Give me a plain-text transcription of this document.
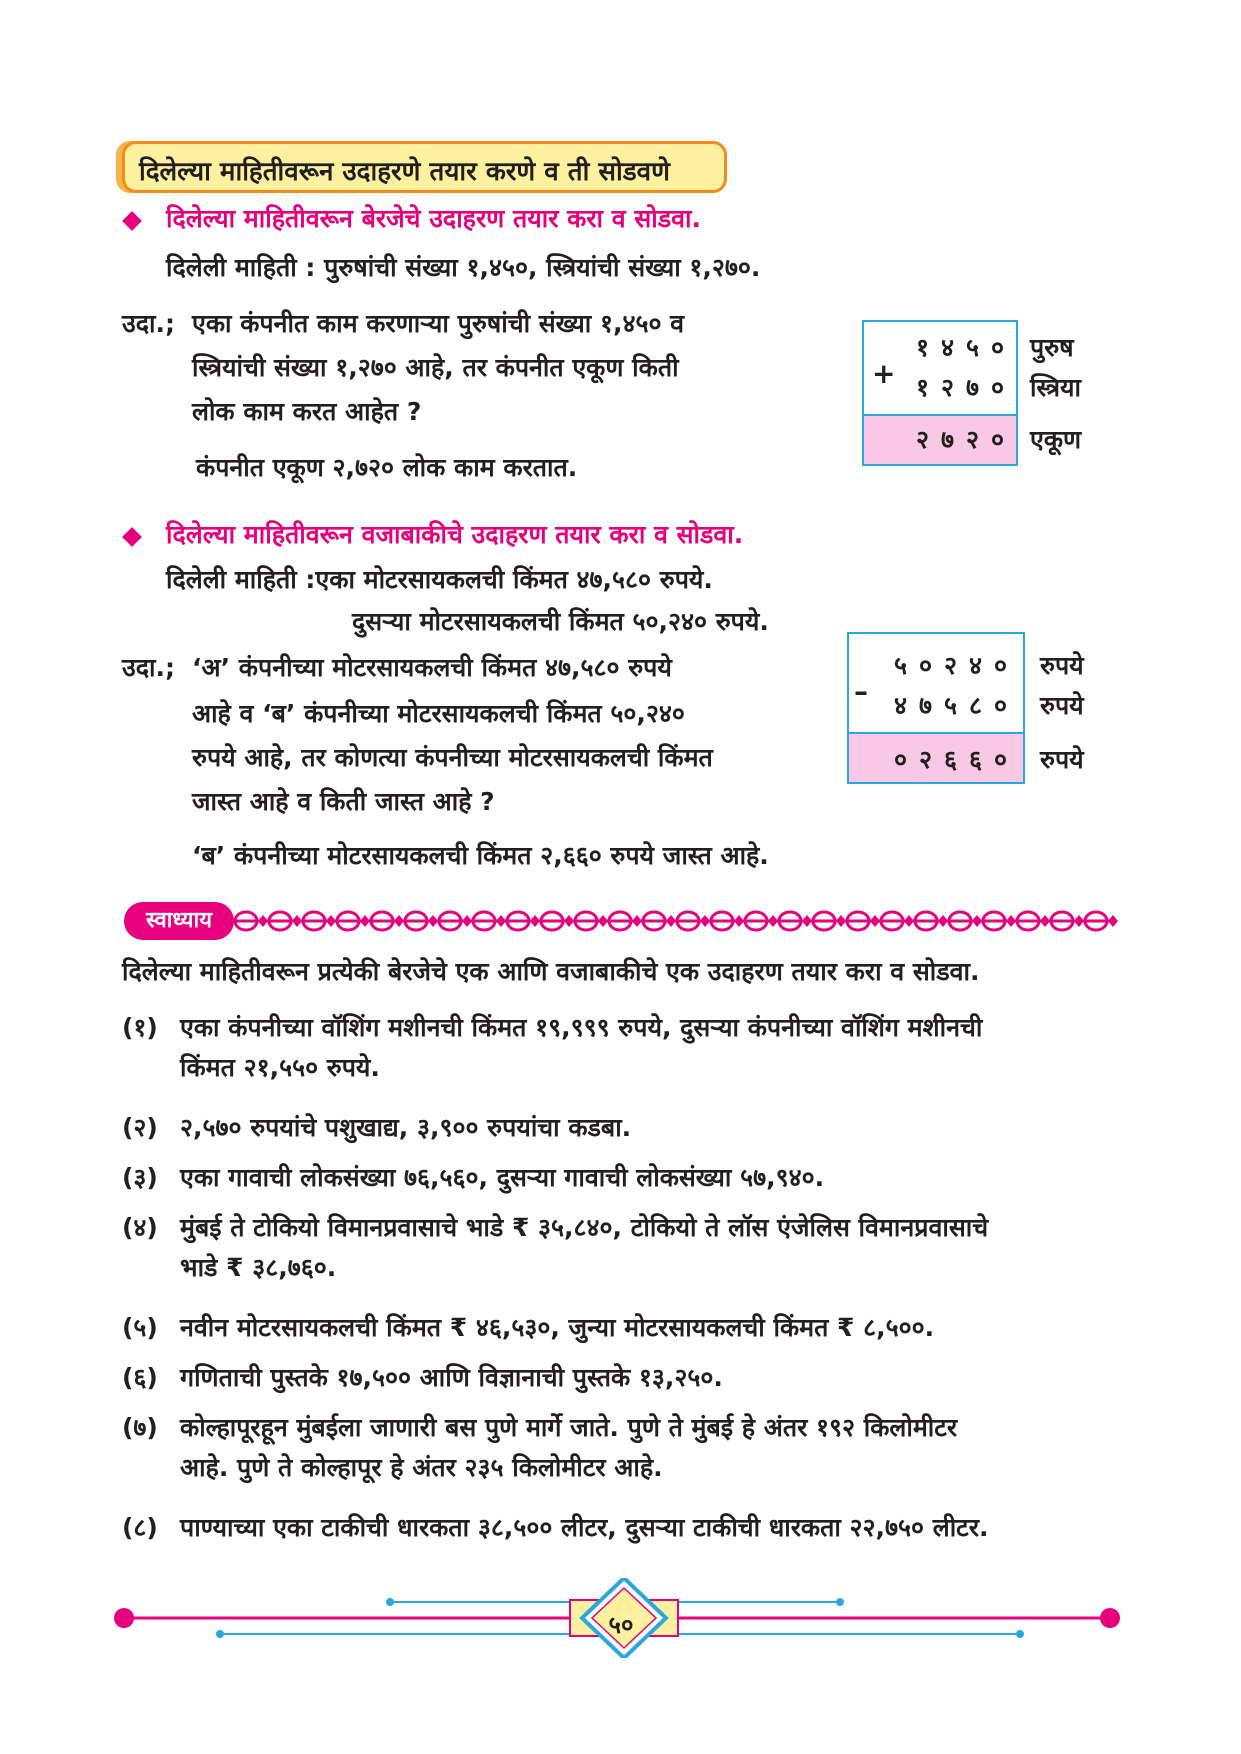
दिलेल्या माहितीवरून उदाहरणे तयार करणे व ती सोडवणे
दिलेल्या माहितीवरून बेरजेचे उदाहरण तयार करा व सोडवा.
दिलेली माहिती : पुरुषांची संख्या १,४५०, स्त्रियांची संख्या १,२७०.
उदा.; एका कंपनीत काम करणाऱ्या पुरुषांची संख्या १,४५० व
स्त्रियांची संख्या १,२७० आहे, तर कंपनीत एकूण किती
लोक काम करत आहेत ?
कंपनीत एकूण २,७२० लोक काम करतात.
+
१४५०
१२७०
२७२०
पुरुष
स्त्रिया
एकूण
दिलेल्या माहितीवरून वजाबाकीचे उदाहरण तयार करा व सोडवा.
दिलेली माहिती :एका मोटरसायकलची किंमत ४७,५८० रुपये.
दुसऱ्या मोटरसायकलची किंमत ५०,२४० रुपये.
उदा.; ‘अ’ कंपनीच्या मोटरसायकलची किंमत ४७,५८० रुपये
आहे व ‘ब’ कंपनीच्या मोटरसायकलची किंमत ५०,२४०
रुपये आहे, तर कोणत्या कंपनीच्या मोटरसायकलची किंमत
जास्त आहे व किती जास्त आहे ?
‘ब’ कंपनीच्या मोटरसायकलची किंमत २,६६० रुपये जास्त आहे.
–
५०२४०
४७५८०
०२६६०
रुपये
रुपये
रुपये
स्वाध्याय
दिलेल्या माहितीवरून प्रत्येकी बेरजेचे एक आणि वजाबाकीचे एक उदाहरण तयार करा व सोडवा.
(१) एका कंपनीच्या वॉशिंग मशीनची किंमत १९,९९९ रुपये, दुसऱ्या कंपनीच्या वॉशिंग मशीनची
किंमत २१,५५० रुपये.
(२) २,५७० रुपयांचे पशुखाद्य, ३,९०० रुपयांचा कडबा.
(३) एका गावाची लोकसंख्या ७६,५६०, दुसऱ्या गावाची लोकसंख्या ५७,९४०.
(४) मुंबई ते टोकियो विमानप्रवासाचे भाडे ₹ ३५,८४०, टोकियो ते लॉस एंजेलिस विमानप्रवासाचे
भाडे ₹ ३८,७६०.
(५) नवीन मोटरसायकलची किंमत ₹ ४६,५३०, जुन्या मोटरसायकलची किंमत ₹ ८,५००.
(६) गणिताची पुस्तके १७,५०० आणि विज्ञानाची पुस्तके १३,२५०.
(७) कोल्हापूरहून मुंबईला जाणारी बस पुणे मार्गे जाते. पुणे ते मुंबई हे अंतर १९२ किलोमीटर
आहे. पुणे ते कोल्हापूर हे अंतर २३५ किलोमीटर आहे.
(८) पाण्याच्या एका टाकीची धारकता ३८,५०० लीटर, दुसऱ्या टाकीची धारकता २२,७५० लीटर.
५०
